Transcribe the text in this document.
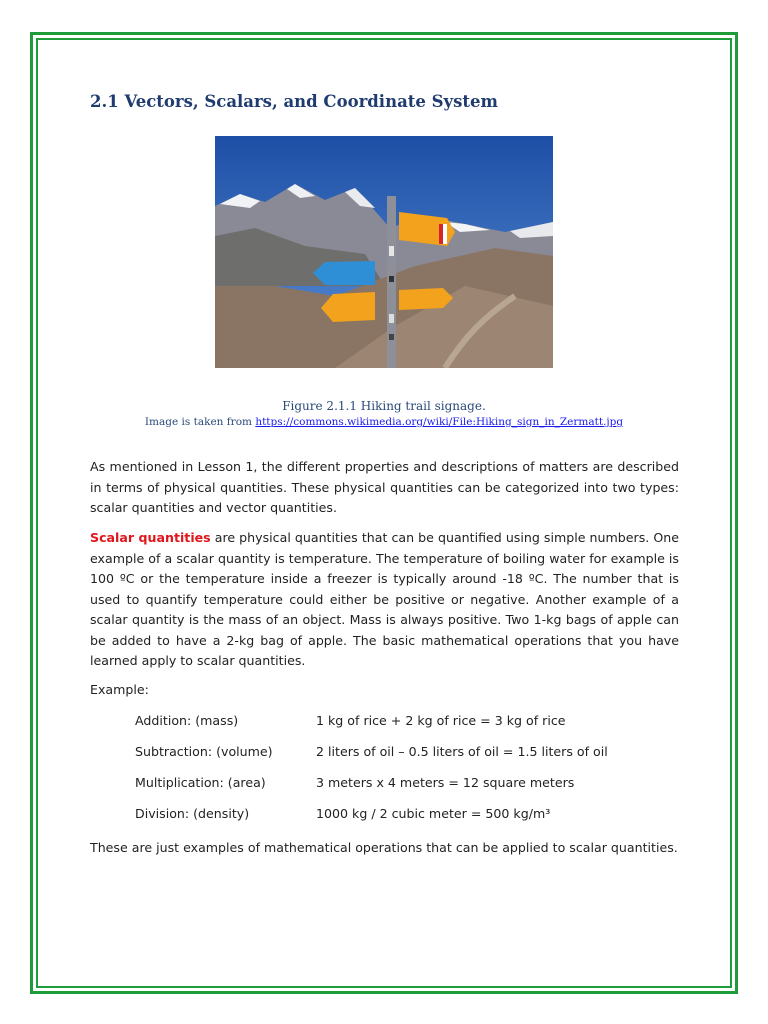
2.1 Vectors, Scalars, and Coordinate System
Figure 2.1.1 Hiking trail signage.
Image is taken from https://commons.wikimedia.org/wiki/File:Hiking_sign_in_Zermatt.jpg

As mentioned in Lesson 1, the different properties and descriptions of matters are described in terms of physical quantities. These physical quantities can be categorized into two types: scalar quantities and vector quantities.

Scalar quantities are physical quantities that can be quantified using simple numbers. One example of a scalar quantity is temperature. The temperature of boiling water for example is 100 ºC or the temperature inside a freezer is typically around -18 ºC. The number that is used to quantify temperature could either be positive or negative. Another example of a scalar quantity is the mass of an object. Mass is always positive. Two 1-kg bags of apple can be added to have a 2-kg bag of apple. The basic mathematical operations that you have learned apply to scalar quantities.

Example:

Addition: (mass)	1 kg of rice + 2 kg of rice = 3 kg of rice
Subtraction: (volume)	2 liters of oil – 0.5 liters of oil = 1.5 liters of oil
Multiplication: (area)	3 meters x 4 meters = 12 square meters
Division: (density)	1000 kg / 2 cubic meter = 500 kg/m³

These are just examples of mathematical operations that can be applied to scalar quantities.
